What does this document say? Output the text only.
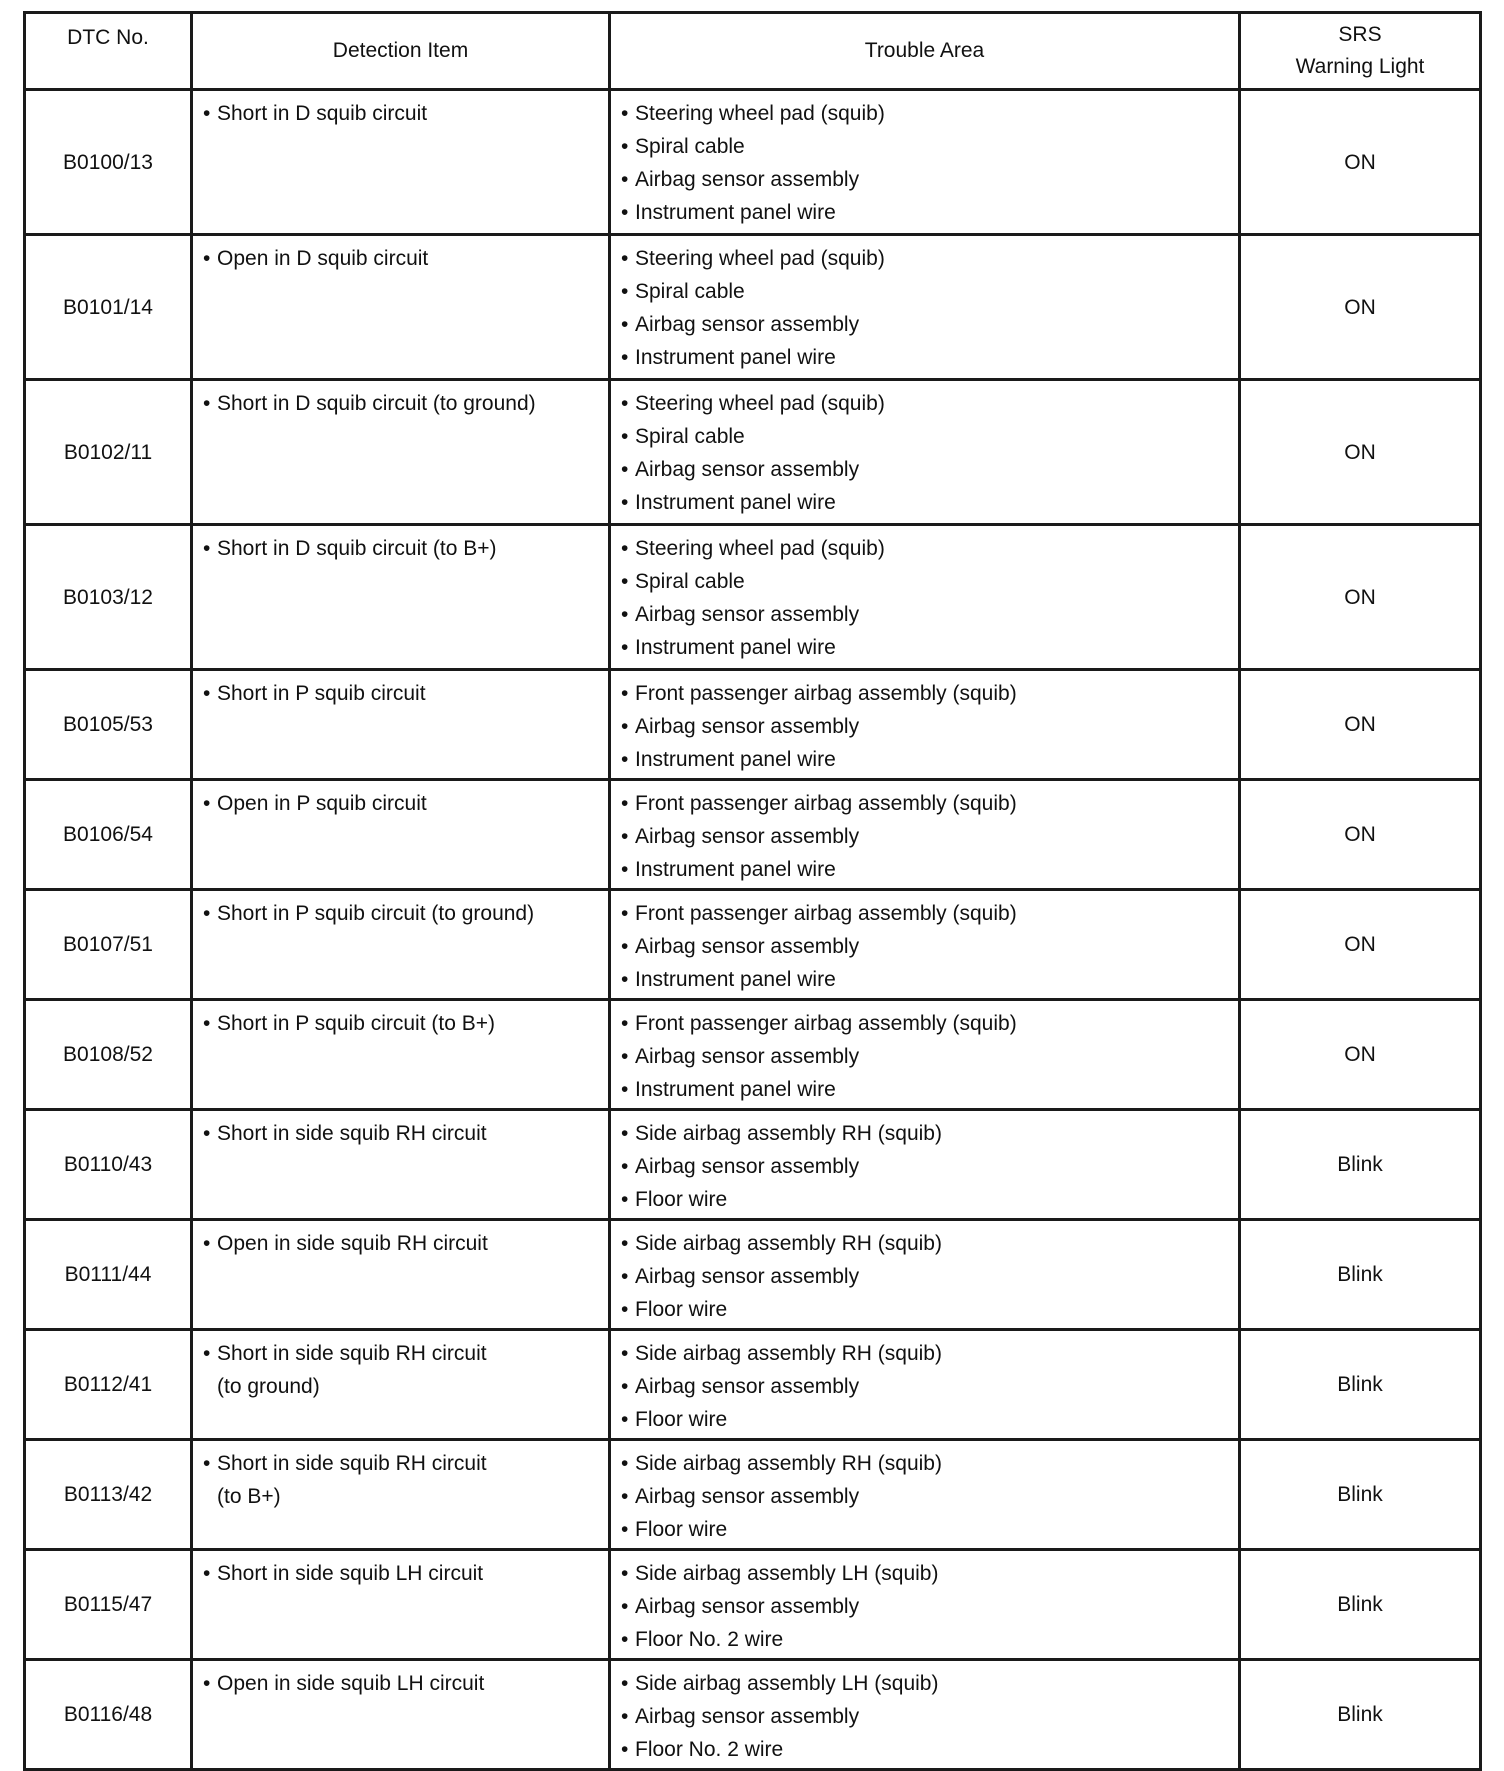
DTC No.	Detection Item	Trouble Area	SRS
Warning Light
B0100/13	• Short in D squib circuit	• Steering wheel pad (squib)
• Spiral cable
• Airbag sensor assembly
• Instrument panel wire	ON
B0101/14	• Open in D squib circuit	• Steering wheel pad (squib)
• Spiral cable
• Airbag sensor assembly
• Instrument panel wire	ON
B0102/11	• Short in D squib circuit (to ground)	• Steering wheel pad (squib)
• Spiral cable
• Airbag sensor assembly
• Instrument panel wire	ON
B0103/12	• Short in D squib circuit (to B+)	• Steering wheel pad (squib)
• Spiral cable
• Airbag sensor assembly
• Instrument panel wire	ON
B0105/53	• Short in P squib circuit	• Front passenger airbag assembly (squib)
• Airbag sensor assembly
• Instrument panel wire	ON
B0106/54	• Open in P squib circuit	• Front passenger airbag assembly (squib)
• Airbag sensor assembly
• Instrument panel wire	ON
B0107/51	• Short in P squib circuit (to ground)	• Front passenger airbag assembly (squib)
• Airbag sensor assembly
• Instrument panel wire	ON
B0108/52	• Short in P squib circuit (to B+)	• Front passenger airbag assembly (squib)
• Airbag sensor assembly
• Instrument panel wire	ON
B0110/43	• Short in side squib RH circuit	• Side airbag assembly RH (squib)
• Airbag sensor assembly
• Floor wire	Blink
B0111/44	• Open in side squib RH circuit	• Side airbag assembly RH (squib)
• Airbag sensor assembly
• Floor wire	Blink
B0112/41	• Short in side squib RH circuit
(to ground)	• Side airbag assembly RH (squib)
• Airbag sensor assembly
• Floor wire	Blink
B0113/42	• Short in side squib RH circuit
(to B+)	• Side airbag assembly RH (squib)
• Airbag sensor assembly
• Floor wire	Blink
B0115/47	• Short in side squib LH circuit	• Side airbag assembly LH (squib)
• Airbag sensor assembly
• Floor No. 2 wire	Blink
B0116/48	• Open in side squib LH circuit	• Side airbag assembly LH (squib)
• Airbag sensor assembly
• Floor No. 2 wire	Blink
